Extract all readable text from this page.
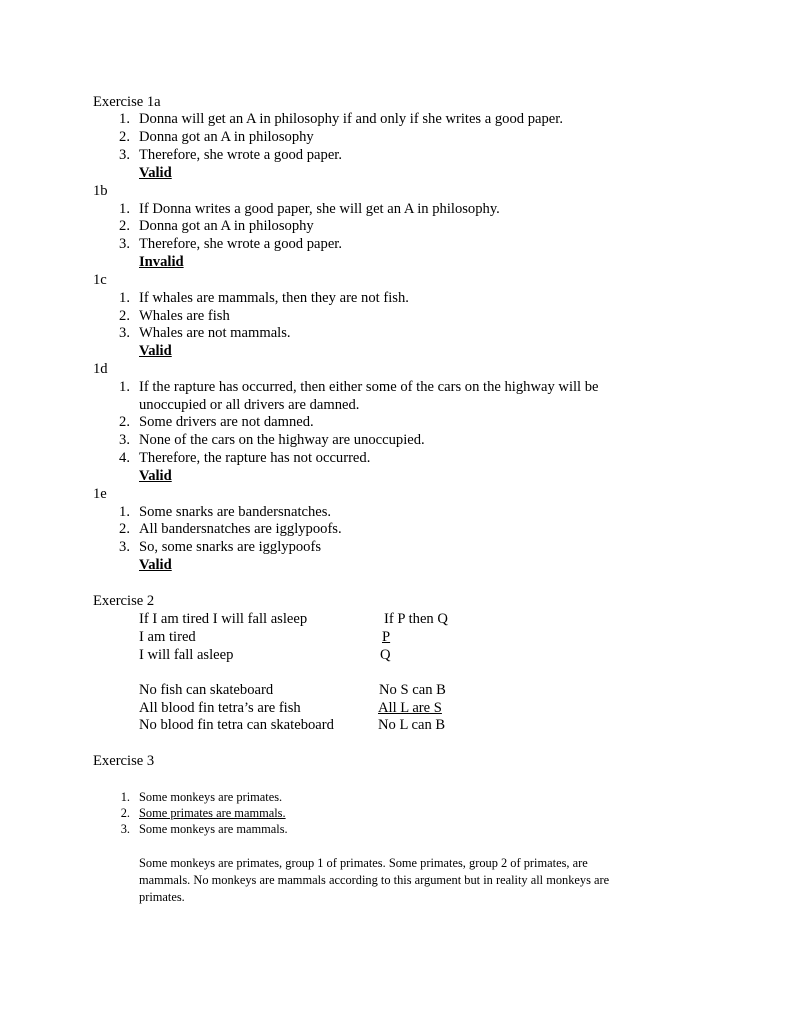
Exercise 1a
1. Donna will get an A in philosophy if and only if she writes a good paper.
2. Donna got an A in philosophy
3. Therefore, she wrote a good paper.
Valid
1b
1. If Donna writes a good paper, she will get an A in philosophy.
2. Donna got an A in philosophy
3. Therefore, she wrote a good paper.
Invalid
1c
1. If whales are mammals, then they are not fish.
2. Whales are fish
3. Whales are not mammals.
Valid
1d
1. If the rapture has occurred, then either some of the cars on the highway will be
unoccupied or all drivers are damned.
2. Some drivers are not damned.
3. None of the cars on the highway are unoccupied.
4. Therefore, the rapture has not occurred.
Valid
1e
1. Some snarks are bandersnatches.
2. All bandersnatches are igglypoofs.
3. So, some snarks are igglypoofs
Valid
Exercise 2
If I am tired I will fall asleep	If P then Q
I am tired	P
I will fall asleep	Q
No fish can skateboard	No S can B
All blood fin tetra’s are fish	All L are S
No blood fin tetra can skateboard	No L can B
Exercise 3
1. Some monkeys are primates.
2. Some primates are mammals.
3. Some monkeys are mammals.
Some monkeys are primates, group 1 of primates. Some primates, group 2 of primates, are
mammals. No monkeys are mammals according to this argument but in reality all monkeys are
primates.
